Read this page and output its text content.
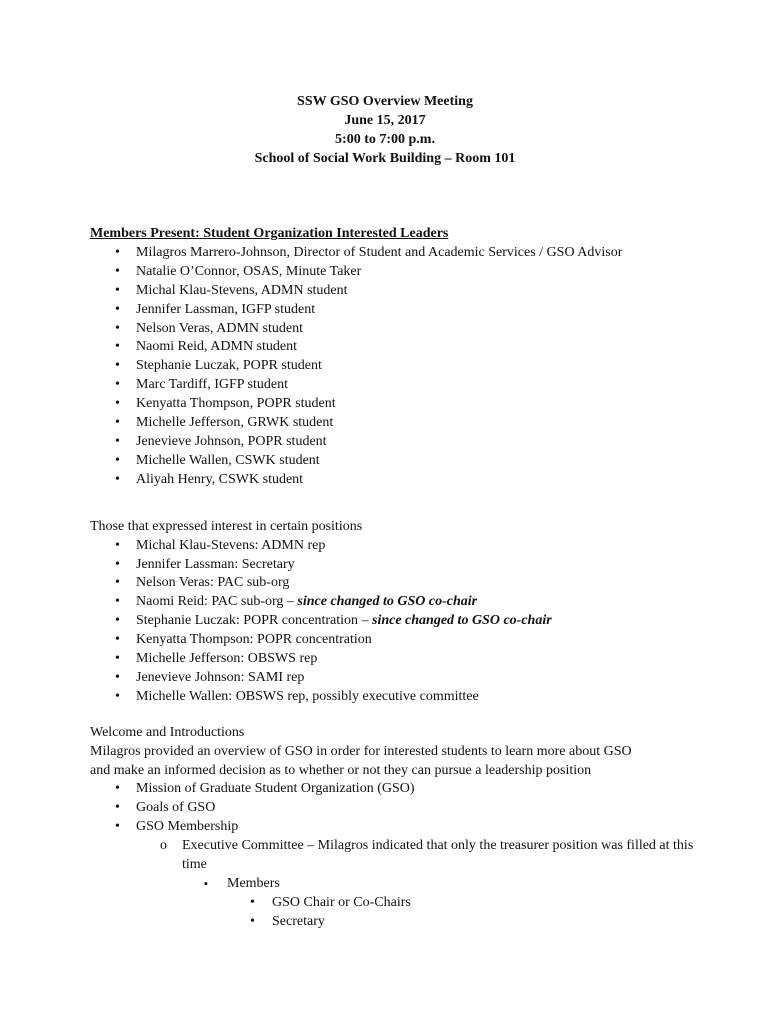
SSW GSO Overview Meeting
June 15, 2017
5:00 to 7:00 p.m.
School of Social Work Building – Room 101
Members Present: Student Organization Interested Leaders
• Milagros Marrero-Johnson, Director of Student and Academic Services / GSO Advisor
• Natalie O’Connor, OSAS, Minute Taker
• Michal Klau-Stevens, ADMN student
• Jennifer Lassman, IGFP student
• Nelson Veras, ADMN student
• Naomi Reid, ADMN student
• Stephanie Luczak, POPR student
• Marc Tardiff, IGFP student
• Kenyatta Thompson, POPR student
• Michelle Jefferson, GRWK student
• Jenevieve Johnson, POPR student
• Michelle Wallen, CSWK student
• Aliyah Henry, CSWK student
Those that expressed interest in certain positions
• Michal Klau-Stevens: ADMN rep
• Jennifer Lassman: Secretary
• Nelson Veras: PAC sub-org
• Naomi Reid: PAC sub-org – since changed to GSO co-chair
• Stephanie Luczak: POPR concentration – since changed to GSO co-chair
• Kenyatta Thompson: POPR concentration
• Michelle Jefferson: OBSWS rep
• Jenevieve Johnson: SAMI rep
• Michelle Wallen: OBSWS rep, possibly executive committee
Welcome and Introductions
Milagros provided an overview of GSO in order for interested students to learn more about GSO
and make an informed decision as to whether or not they can pursue a leadership position
• Mission of Graduate Student Organization (GSO)
• Goals of GSO
• GSO Membership
o Executive Committee – Milagros indicated that only the treasurer position was filled at this time
▪ Members
• GSO Chair or Co-Chairs
• Secretary
